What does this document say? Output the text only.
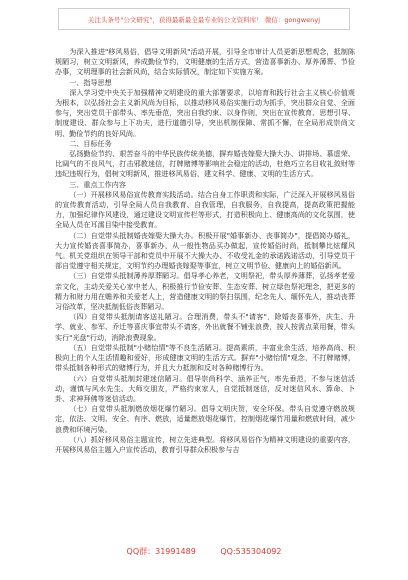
关注头条号"公文研究"，获得最新最全最专业的公文资料库！ 微信：gongwenyj

为深入推进"移风易俗，倡导文明新风"活动开展，引导全市审计人员更新思想观念，抵制陈规陋习，树立文明新风，养成勤俭节约，文明健康的生活方式，营造喜事新办、厚养薄葬、节俭办事，文明理事的社会新风尚，结合实际情况，制定如下实施方案。

一、指导思想

深入学习党中央关于加强精神文明建设的重大部署要求，以培育和践行社会主义核心价值观为根本，以弘扬社会主义新风尚为目标，以推动移风易俗实施行动为抓手，突出群众自觉、全面参与，突出党员干部带头、率先垂范，突出自我约束、以身作则，突出在宣传教育、思想引导、制度建设、群众参与上下功夫，进行道德引导，突出机制保障、常抓不懈，在全局形成崇尚文明、勤俭节约的良好风尚。

二、目标任务

弘扬勤俭节约、艰苦奋斗的中华民族传统美德，摒弃婚丧嫁娶大操大办、讲排场、慕虚荣、比阔气的不良风气，打击邪教迷信，打牌赌博等影响社会稳定的活动，杜绝巧立名目收礼敛财等违纪违规行为，倡树文明新风，推进移风易俗，建文科学、健康、文明的生活方式。

三、重点工作内容

（一）开展移风易俗宣传教育实践活动。结合自身工作职责和实际，广泛深入开展移风易俗的宣传教育活动，引导全局人员自我教育、自我管理，自我服务，自我提高，提高政策把握能力，加强纪律作风建设，通过建设文明宣传栏等形式，打造积极向上、健康高尚的文化氛围，使全局人员在耳濡目染中接受教育。

（二）自觉带头抵制婚丧嫁娶大操大办。积极开展"婚事新办、丧事简办"，提倡简办婚礼，大力宣传婚丧喜事简办，喜事新办，从一般性物品买办做起，宣传婚俗时尚，抵制攀比炫耀风气。机关党组织在领导干部和党员中开展不大操大办、不收受礼金的承诺践诺活动，引导党员干部自觉遵守相关规定，文明节约办理婚丧嫁娶等事宜，树立文明节俭、健康向上的婚俗新风。

（三）自觉带头抵制薄养厚葬陋习。倡导孝心养老，文明祭祀，带头厚养薄葬，弘扬孝老爱亲文化，主动关爱关心家中老人，积极推行节俭安葬、生态安葬、树立绿色祭祀理念，把更多的精力和财力用在赡养和关爱老人上，营造健康文明的祭扫氛围，纪念先人、缅怀先人，推动丧葬习俗改革，坚决抵制低俗丧葬陋习。

（四）自觉带头抵制请客送礼陋习。合理消费，带头不"请客"，除婚丧喜事外，庆生、升学、就业、参军、乔迁等喜庆事宜带头不请客，外出就餐不铺张浪费，按人按需点菜用餐，带头实行"光盘"行动，消除浪费现象。

（五）自觉带头抵制"小赌怡情"等不良生活陋习。提高素质，丰富业余生活，培养高尚、积极向上的个人生活情趣和爱好，形成健康文明的生活方式。摒弃"小赌怡情"观念，不打牌赌博，带头抵制各种形式的赌博行为，并且大力抵制和反对各种赌博行为。

（六）自觉带头抵制封建迷信陋习。倡导崇尚科学、涵养正气，率先垂范，不参与迷信活动，谨慎与风水先生、大师交朋友，严格约束家人，自觉抵制迷信，反对迷信风水、算命、卜卦、求神拜佛等迷信活动。

（七）自觉带头抵制燃放烟花爆竹陋习。倡导文明庆贺，安全环保。带头自觉遵守燃放规定，依法、文明、安全、有序、燃放，适量燃放烟花爆竹，控制烟花爆竹用量和燃放时间，减少浪费和环境污染。

（八）抓好移风易俗主题宣传，树立先进典型。将移风易俗作为精神文明建设的重要内容，开展移风易俗主题入户宣传活动，教育引导群众积极参与吉

QQ群：31991489	QQ:535304092
